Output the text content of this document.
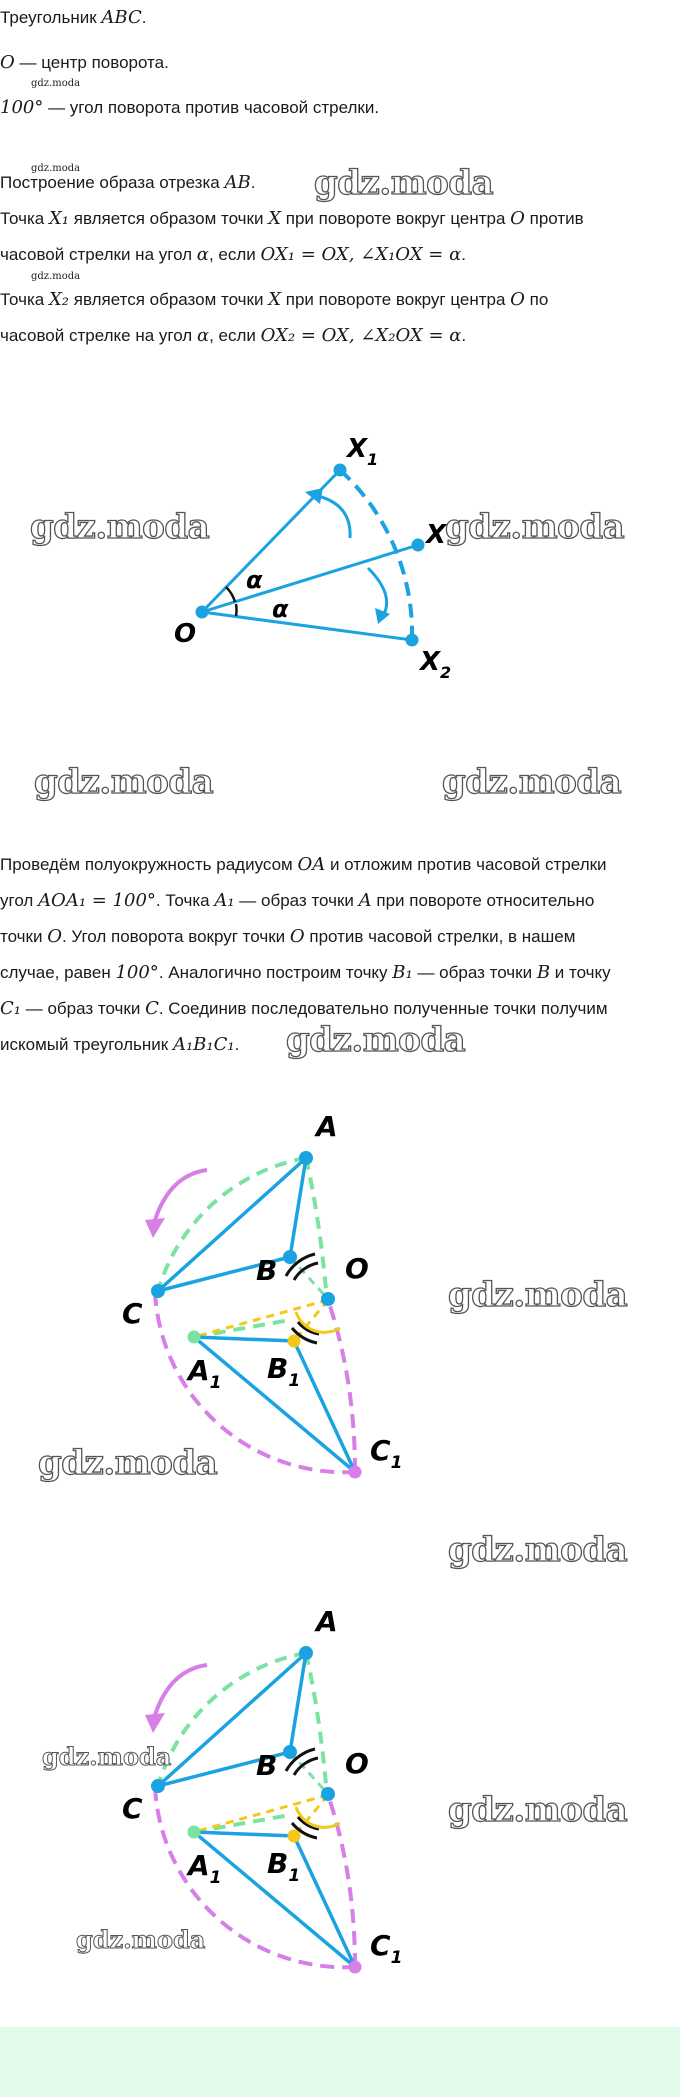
Треугольник ABC.

O — центр поворота.

gdz.moda

100° — угол поворота против часовой стрелки.

gdz.moda

Построение образа отрезка AB.	gdz.moda

Точка X₁ является образом точки X при повороте вокруг центра O против

часовой стрелки на угол α, если OX₁ = OX, ∠X₁OX = α.

gdz.moda

Точка X₂ является образом точки X при повороте вокруг центра O по

часовой стрелке на угол α, если OX₂ = OX, ∠X₂OX = α.

O
$X_1$
X
$X_2$
α
α
gdz.moda	gdz.moda
gdz.moda	gdz.moda

Проведём полуокружность радиусом OA и отложим против часовой стрелки

угол AOA₁ = 100°. Точка A₁ — образ точки A при повороте относительно

точки O. Угол поворота вокруг точки O против часовой стрелки, в нашем

случае, равен 100°. Аналогично построим точку B₁ — образ точки B и точку

C₁ — образ точки C. Соединив последовательно полученные точки получим

искомый треугольник A₁B₁C₁.	gdz.moda
A
B
C
O
$A_1$ $B_1$
$C_1$
gdz.moda
gdz.moda
gdz.moda
A
B
C
O
$A_1$ $B_1$
$C_1$
gdz.moda
gdz.moda
gdz.moda
